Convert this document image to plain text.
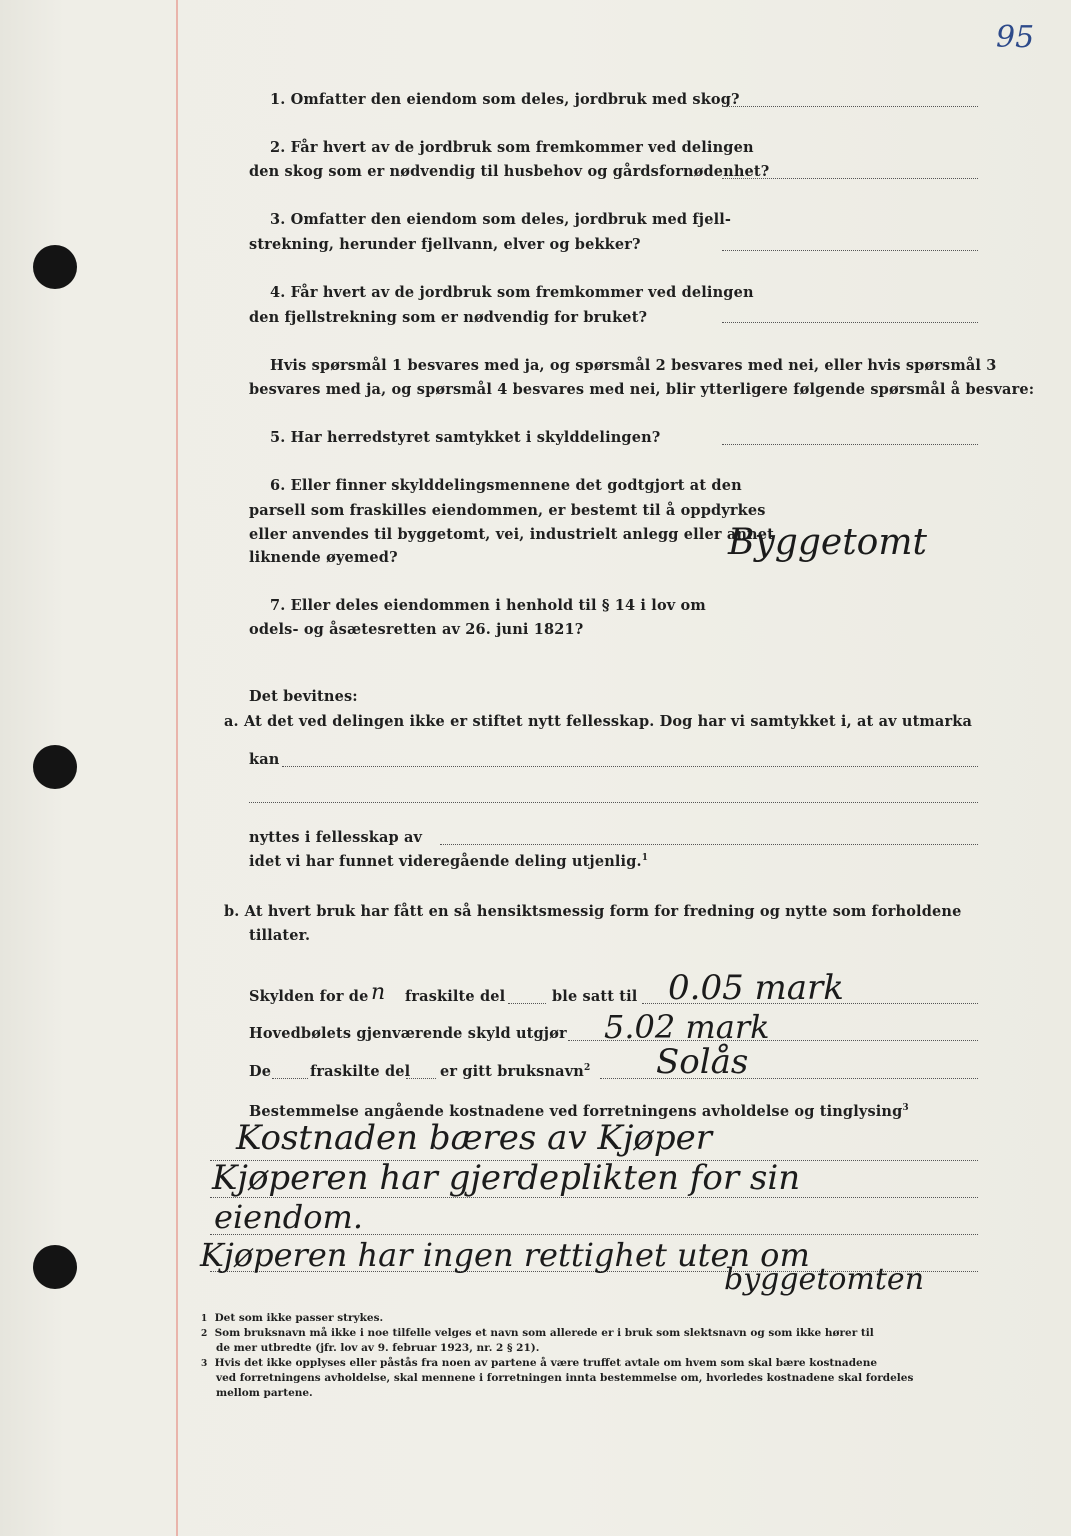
95
1. Omfatter den eiendom som deles, jordbruk med skog?
2. Får hvert av de jordbruk som fremkommer ved delingen
den skog som er nødvendig til husbehov og gårdsfornødenhet?
3. Omfatter den eiendom som deles, jordbruk med fjell-
strekning, herunder fjellvann, elver og bekker?
4. Får hvert av de jordbruk som fremkommer ved delingen
den fjellstrekning som er nødvendig for bruket?
Hvis spørsmål 1 besvares med ja, og spørsmål 2 besvares med nei, eller hvis spørsmål 3
besvares med ja, og spørsmål 4 besvares med nei, blir ytterligere følgende spørsmål å besvare:
5. Har herredstyret samtykket i skylddelingen?
6. Eller finner skylddelingsmennene det godtgjort at den
parsell som fraskilles eiendommen, er bestemt til å oppdyrkes
eller anvendes til byggetomt, vei, industrielt anlegg eller annet
liknende øyemed?	Byggetomt
7. Eller deles eiendommen i henhold til § 14 i lov om
odels- og åsætesretten av 26. juni 1821?
Det bevitnes:
a. At det ved delingen ikke er stiftet nytt fellesskap. Dog har vi samtykket i, at av utmarka
kan
nyttes i fellesskap av
idet vi har funnet videregående deling utjenlig.$^1$
b. At hvert bruk har fått en så hensiktsmessig form for fredning og nytte som forholdene
tillater.
Skylden for de n fraskilte del	ble satt til 0.05 mark
Hovedbølets gjenværende skyld utgjør 5.02 mark
De	fraskilte del er gitt bruksnavn$^2$ Solås
Bestemmelse angående kostnadene ved forretningens avholdelse og tinglysing$^3$
Kostnaden bæres av Kjøper
Kjøperen har gjerdeplikten for sin
eiendom.
Kjøperen har ingen rettighet uten om
byggetomten
1 Det som ikke passer strykes.
2 Som bruksnavn må ikke i noe tilfelle velges et navn som allerede er i bruk som slektsnavn og som ikke hører til
de mer utbredte (jfr. lov av 9. februar 1923, nr. 2 § 21).
3 Hvis det ikke opplyses eller påstås fra noen av partene å være truffet avtale om hvem som skal bære kostnadene
ved forretningens avholdelse, skal mennene i forretningen innta bestemmelse om, hvorledes kostnadene skal fordeles
mellom partene.
